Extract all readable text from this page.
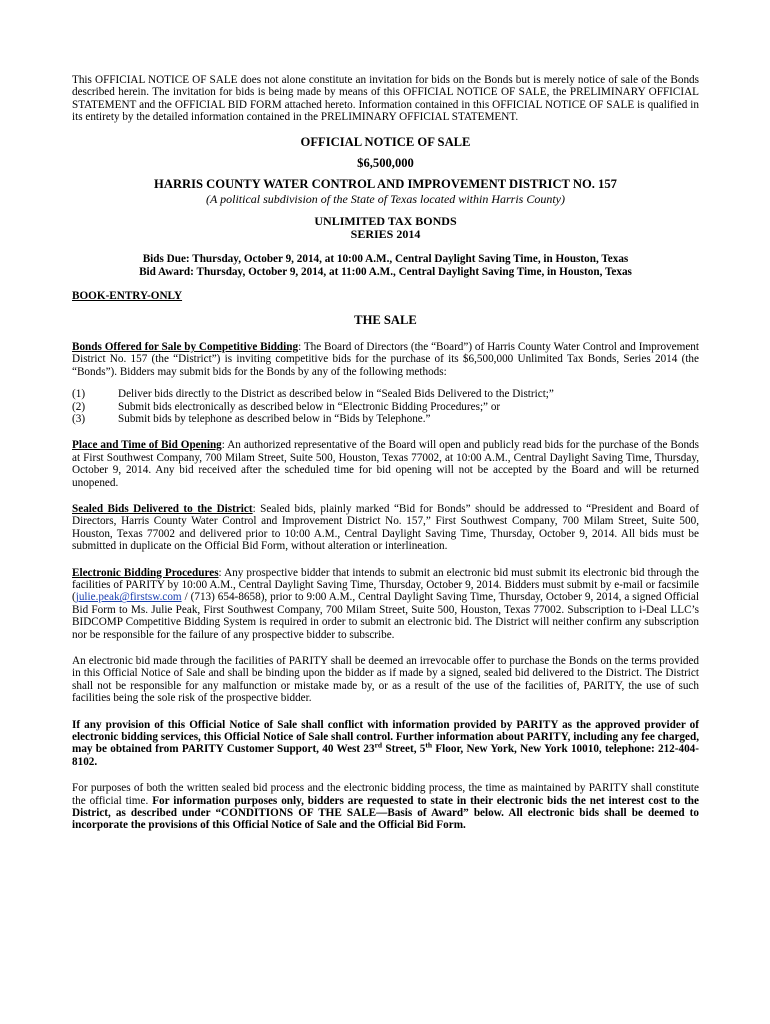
This OFFICIAL NOTICE OF SALE does not alone constitute an invitation for bids on the Bonds but is merely notice of sale of the Bonds described herein. The invitation for bids is being made by means of this OFFICIAL NOTICE OF SALE, the PRELIMINARY OFFICIAL STATEMENT and the OFFICIAL BID FORM attached hereto. Information contained in this OFFICIAL NOTICE OF SALE is qualified in its entirety by the detailed information contained in the PRELIMINARY OFFICIAL STATEMENT.

OFFICIAL NOTICE OF SALE
$6,500,000
HARRIS COUNTY WATER CONTROL AND IMPROVEMENT DISTRICT NO. 157
(A political subdivision of the State of Texas located within Harris County)
UNLIMITED TAX BONDS
SERIES 2014
Bids Due: Thursday, October 9, 2014, at 10:00 A.M., Central Daylight Saving Time, in Houston, Texas
Bid Award: Thursday, October 9, 2014, at 11:00 A.M., Central Daylight Saving Time, in Houston, Texas
BOOK-ENTRY-ONLY
THE SALE

Bonds Offered for Sale by Competitive Bidding: The Board of Directors (the “Board”) of Harris County Water Control and Improvement District No. 157 (the “District”) is inviting competitive bids for the purchase of its $6,500,000 Unlimited Tax Bonds, Series 2014 (the “Bonds”). Bidders may submit bids for the Bonds by any of the following methods:

(1)	Deliver bids directly to the District as described below in “Sealed Bids Delivered to the District;”
(2)	Submit bids electronically as described below in “Electronic Bidding Procedures;” or
(3)	Submit bids by telephone as described below in “Bids by Telephone.”

Place and Time of Bid Opening: An authorized representative of the Board will open and publicly read bids for the purchase of the Bonds at First Southwest Company, 700 Milam Street, Suite 500, Houston, Texas 77002, at 10:00 A.M., Central Daylight Saving Time, Thursday, October 9, 2014. Any bid received after the scheduled time for bid opening will not be accepted by the Board and will be returned unopened.

Sealed Bids Delivered to the District: Sealed bids, plainly marked “Bid for Bonds” should be addressed to “President and Board of Directors, Harris County Water Control and Improvement District No. 157,” First Southwest Company, 700 Milam Street, Suite 500, Houston, Texas 77002 and delivered prior to 10:00 A.M., Central Daylight Saving Time, Thursday, October 9, 2014. All bids must be submitted in duplicate on the Official Bid Form, without alteration or interlineation.

Electronic Bidding Procedures: Any prospective bidder that intends to submit an electronic bid must submit its electronic bid through the facilities of PARITY by 10:00 A.M., Central Daylight Saving Time, Thursday, October 9, 2014. Bidders must submit by e-mail or facsimile (julie.peak@firstsw.com / (713) 654-8658), prior to 9:00 A.M., Central Daylight Saving Time, Thursday, October 9, 2014, a signed Official Bid Form to Ms. Julie Peak, First Southwest Company, 700 Milam Street, Suite 500, Houston, Texas 77002. Subscription to i-Deal LLC’s BIDCOMP Competitive Bidding System is required in order to submit an electronic bid. The District will neither confirm any subscription nor be responsible for the failure of any prospective bidder to subscribe.

An electronic bid made through the facilities of PARITY shall be deemed an irrevocable offer to purchase the Bonds on the terms provided in this Official Notice of Sale and shall be binding upon the bidder as if made by a signed, sealed bid delivered to the District. The District shall not be responsible for any malfunction or mistake made by, or as a result of the use of the facilities of, PARITY, the use of such facilities being the sole risk of the prospective bidder.

If any provision of this Official Notice of Sale shall conflict with information provided by PARITY as the approved provider of electronic bidding services, this Official Notice of Sale shall control. Further information about PARITY, including any fee charged, may be obtained from PARITY Customer Support, 40 West 23rd Street, 5th Floor, New York, New York 10010, telephone: 212-404-8102.

For purposes of both the written sealed bid process and the electronic bidding process, the time as maintained by PARITY shall constitute the official time. For information purposes only, bidders are requested to state in their electronic bids the net interest cost to the District, as described under “CONDITIONS OF THE SALE—Basis of Award” below. All electronic bids shall be deemed to incorporate the provisions of this Official Notice of Sale and the Official Bid Form.
